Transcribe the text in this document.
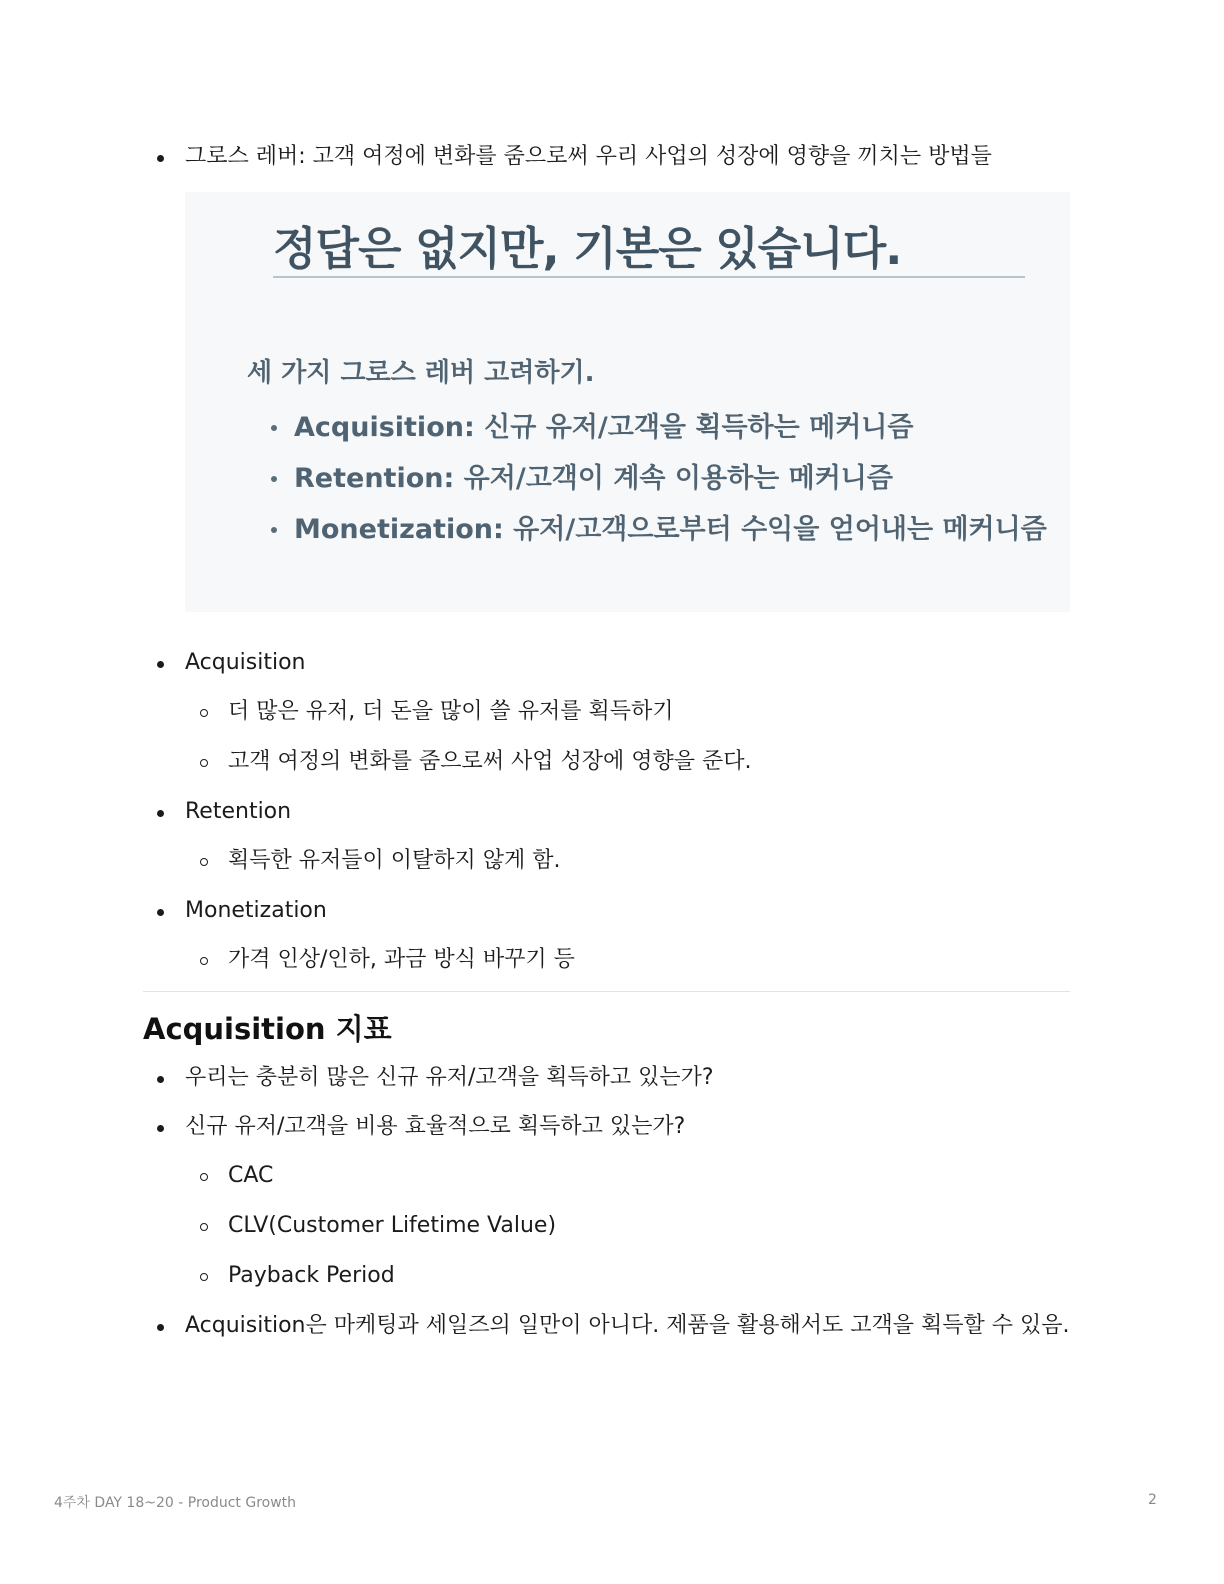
그로스 레버: 고객 여정에 변화를 줌으로써 우리 사업의 성장에 영향을 끼치는 방법들
정답은 없지만, 기본은 있습니다.
세 가지 그로스 레버 고려하기.
Acquisition: 신규 유저/고객을 획득하는 메커니즘
Retention: 유저/고객이 계속 이용하는 메커니즘
Monetization: 유저/고객으로부터 수익을 얻어내는 메커니즘
Acquisition
더 많은 유저, 더 돈을 많이 쓸 유저를 획득하기
고객 여정의 변화를 줌으로써 사업 성장에 영향을 준다.
Retention
획득한 유저들이 이탈하지 않게 함.
Monetization
가격 인상/인하, 과금 방식 바꾸기 등
Acquisition 지표
우리는 충분히 많은 신규 유저/고객을 획득하고 있는가?
신규 유저/고객을 비용 효율적으로 획득하고 있는가?
CAC
CLV(Customer Lifetime Value)
Payback Period
Acquisition은 마케팅과 세일즈의 일만이 아니다. 제품을 활용해서도 고객을 획득할 수 있음.
4주차 DAY 18~20 - Product Growth	2
